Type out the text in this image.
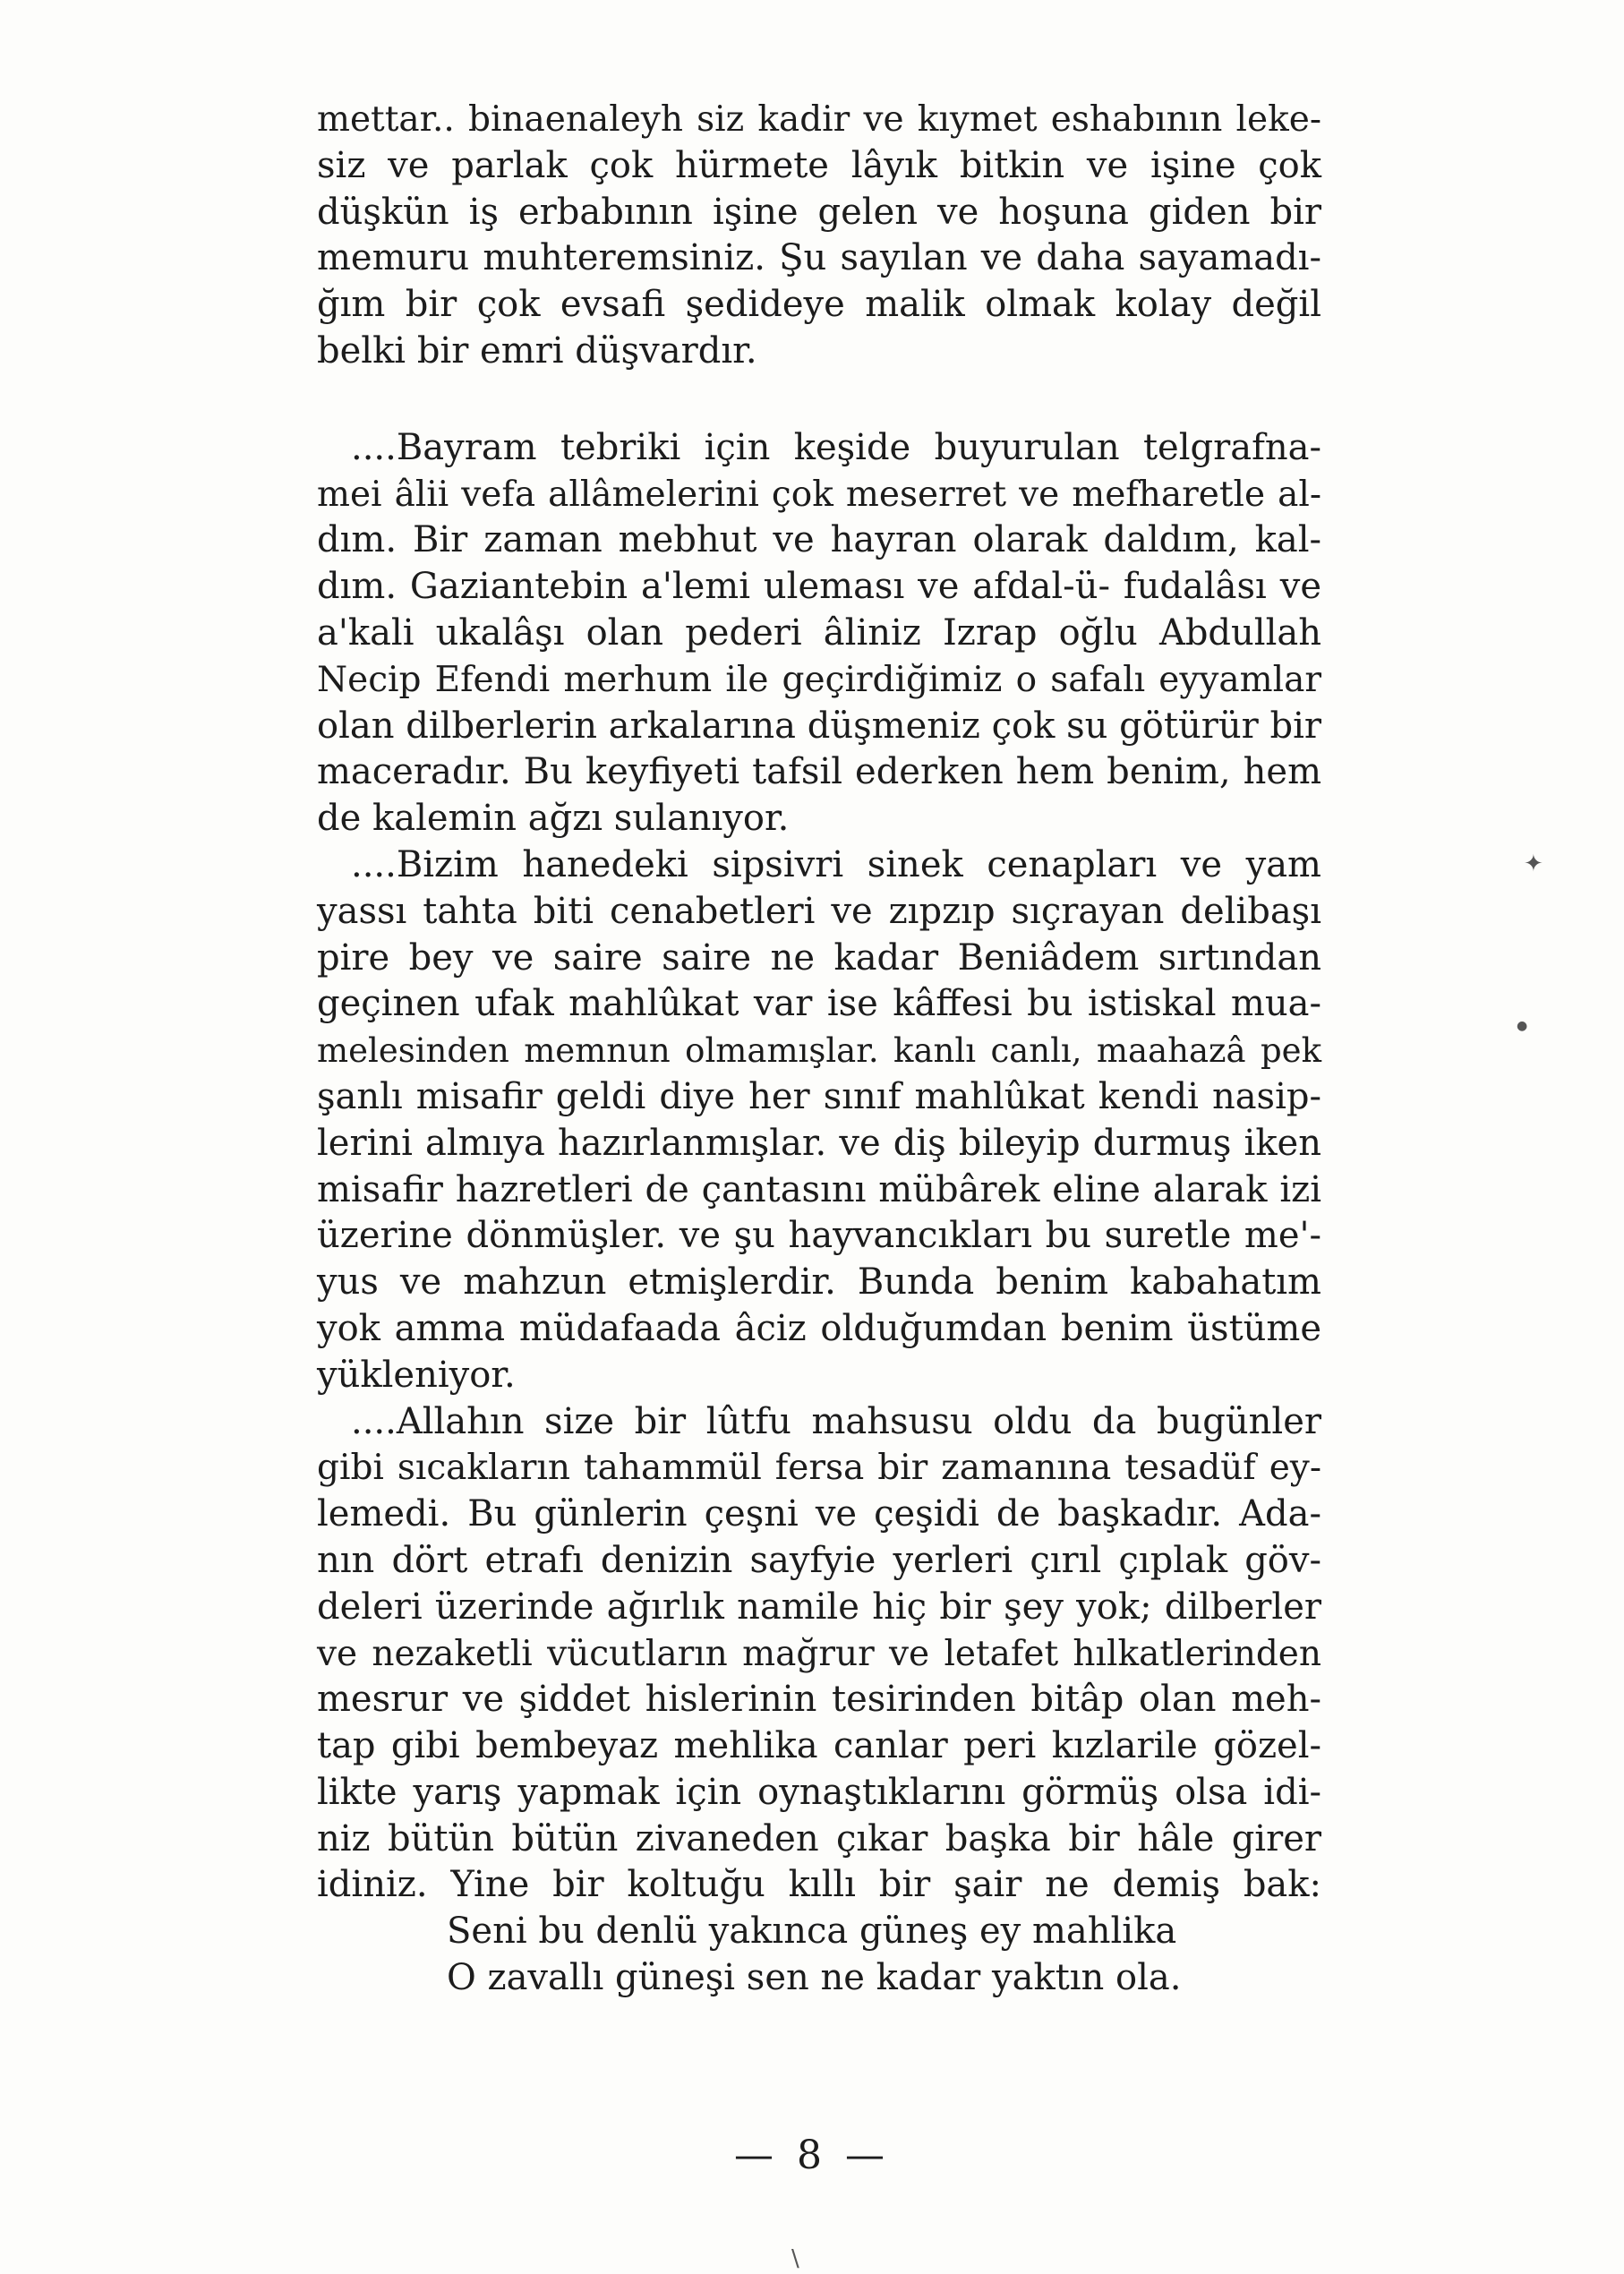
mettar.. binaenaleyh siz kadir ve kıymet eshabının leke-
siz ve parlak çok hürmete lâyık bitkin ve işine çok
düşkün iş erbabının işine gelen ve hoşuna giden bir
memuru muhteremsiniz. Şu sayılan ve daha sayamadı-
ğım bir çok evsafi şedideye malik olmak kolay değil
belki bir emri düşvardır.
....Bayram tebriki için keşide buyurulan telgrafna-
mei âlii vefa allâmelerini çok meserret ve mefharetle al-
dım. Bir zaman mebhut ve hayran olarak daldım, kal-
dım. Gaziantebin a'lemi uleması ve afdal-ü- fudalâsı ve
a'kali ukalâşı olan pederi âliniz Izrap oğlu Abdullah
Necip Efendi merhum ile geçirdiğimiz o safalı eyyamlar
olan dilberlerin arkalarına düşmeniz çok su götürür bir
maceradır. Bu keyfiyeti tafsil ederken hem benim, hem
de kalemin ağzı sulanıyor.
....Bizim hanedeki sipsivri sinek cenapları ve yam
yassı tahta biti cenabetleri ve zıpzıp sıçrayan delibaşı
pire bey ve saire saire ne kadar Beniâdem sırtından
geçinen ufak mahlûkat var ise kâffesi bu istiskal mua-
melesinden memnun olmamışlar. kanlı canlı, maahazâ pek
şanlı misafir geldi diye her sınıf mahlûkat kendi nasip-
lerini almıya hazırlanmışlar. ve diş bileyip durmuş iken
misafir hazretleri de çantasını mübârek eline alarak izi
üzerine dönmüşler. ve şu hayvancıkları bu suretle me'-
yus ve mahzun etmişlerdir. Bunda benim kabahatım
yok amma müdafaada âciz olduğumdan benim üstüme
yükleniyor.
....Allahın size bir lûtfu mahsusu oldu da bugünler
gibi sıcakların tahammül fersa bir zamanına tesadüf ey-
lemedi. Bu günlerin çeşni ve çeşidi de başkadır. Ada-
nın dört etrafı denizin sayfyie yerleri çırıl çıplak göv-
deleri üzerinde ağırlık namile hiç bir şey yok; dilberler
ve nezaketli vücutların mağrur ve letafet hılkatlerinden
mesrur ve şiddet hislerinin tesirinden bitâp olan meh-
tap gibi bembeyaz mehlika canlar peri kızlarile gözel-
likte yarış yapmak için oynaştıklarını görmüş olsa idi-
niz bütün bütün zivaneden çıkar başka bir hâle girer
idiniz. Yine bir koltuğu kıllı bir şair ne demiş bak:
Seni bu denlü yakınca güneş ey mahlika
O zavallı güneşi sen ne kadar yaktın ola.
— 8 —
✦
●
\
